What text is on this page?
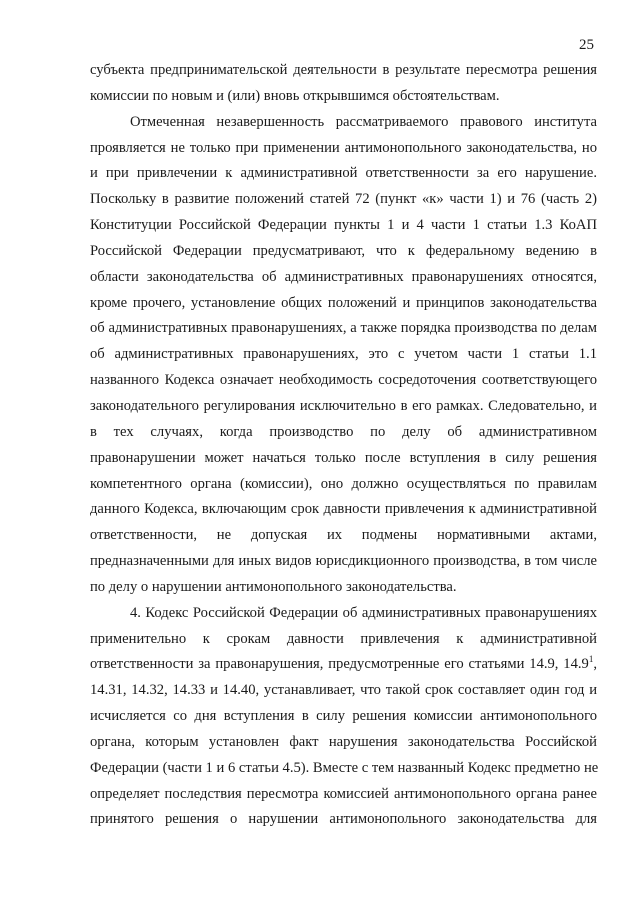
25
субъекта предпринимательской деятельности в результате пересмотра решения
комиссии по новым и (или) вновь открывшимся обстоятельствам.
Отмеченная незавершенность рассматриваемого правового института
проявляется не только при применении антимонопольного законодательства, но
и при привлечении к административной ответственности за его нарушение.
Поскольку в развитие положений статей 72 (пункт «к» части 1) и 76 (часть 2)
Конституции Российской Федерации пункты 1 и 4 части 1 статьи 1.3 КоАП
Российской Федерации предусматривают, что к федеральному ведению в
области законодательства об административных правонарушениях относятся,
кроме прочего, установление общих положений и принципов законодательства
об административных правонарушениях, а также порядка производства по делам
об административных правонарушениях, это с учетом части 1 статьи 1.1
названного Кодекса означает необходимость сосредоточения соответствующего
законодательного регулирования исключительно в его рамках. Следовательно, и
в тех случаях, когда производство по делу об административном
правонарушении может начаться только после вступления в силу решения
компетентного органа (комиссии), оно должно осуществляться по правилам
данного Кодекса, включающим срок давности привлечения к административной
ответственности, не допуская их подмены нормативными актами,
предназначенными для иных видов юрисдикционного производства, в том числе
по делу о нарушении антимонопольного законодательства.
4. Кодекс Российской Федерации об административных правонарушениях
применительно к срокам давности привлечения к административной
ответственности за правонарушения, предусмотренные его статьями 14.9, 14.9$^1$,
14.31, 14.32, 14.33 и 14.40, устанавливает, что такой срок составляет один год и
исчисляется со дня вступления в силу решения комиссии антимонопольного
органа, которым установлен факт нарушения законодательства Российской
Федерации (части 1 и 6 статьи 4.5). Вместе с тем названный Кодекс предметно не
определяет последствия пересмотра комиссией антимонопольного органа ранее
принятого решения о нарушении антимонопольного законодательства для
